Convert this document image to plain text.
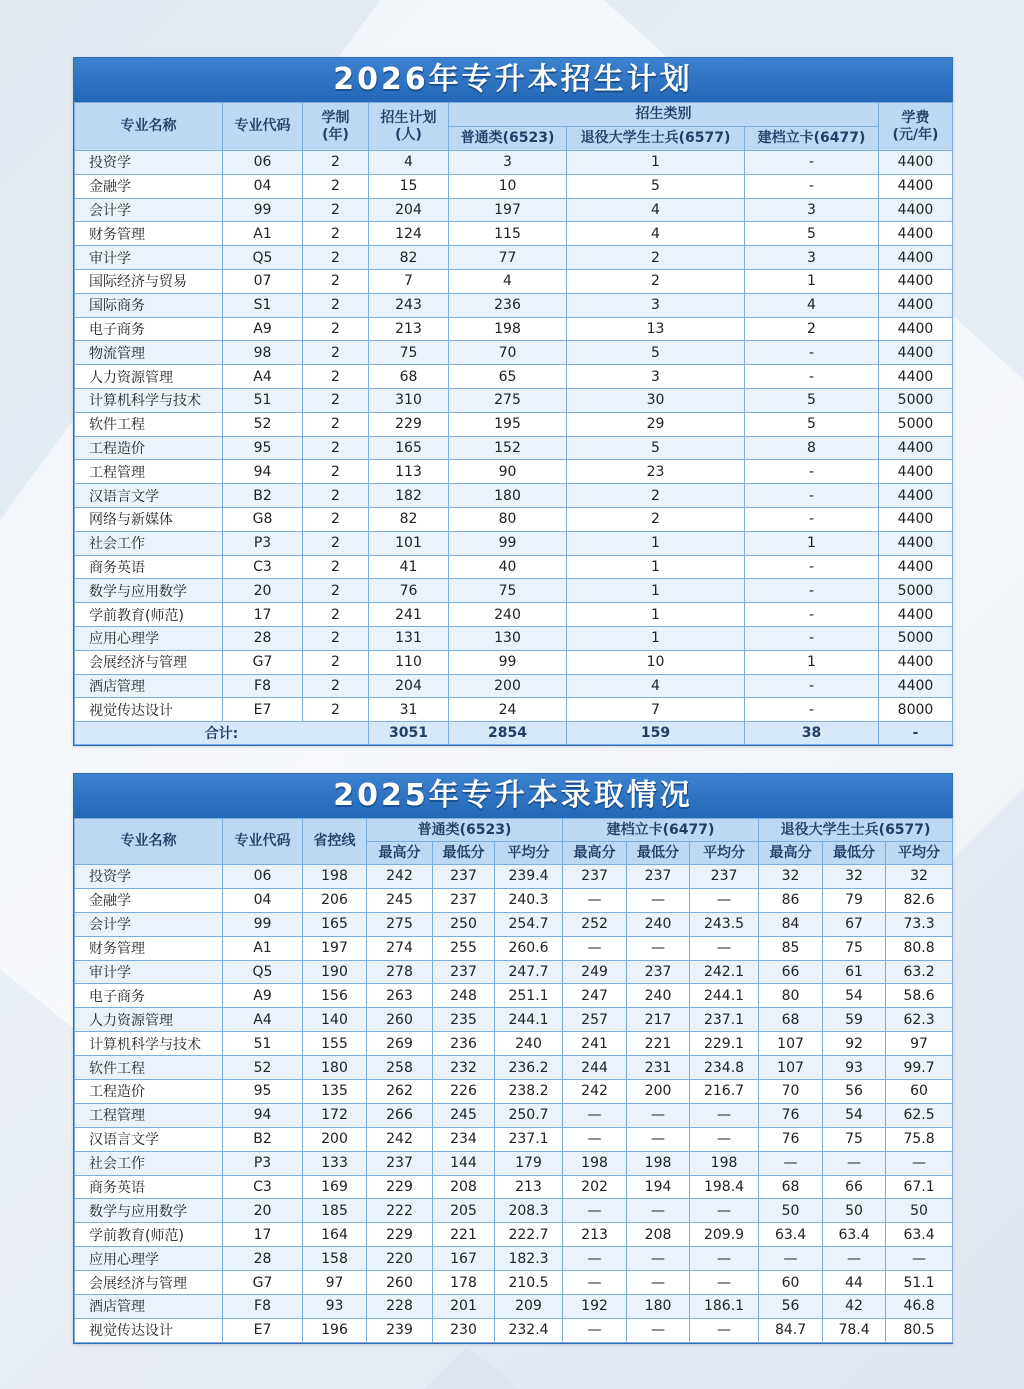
2026年专升本招生计划
专业名称	专业代码	学制
(年)	招生计划
(人)	招生类别			学费
(元/年)
				普通类(6523)	退役大学生士兵(6577)	建档立卡(6477)	
投资学	06	2	4	3	1	-	4400
金融学	04	2	15	10	5	-	4400
会计学	99	2	204	197	4	3	4400
财务管理	A1	2	124	115	4	5	4400
审计学	Q5	2	82	77	2	3	4400
国际经济与贸易	07	2	7	4	2	1	4400
国际商务	S1	2	243	236	3	4	4400
电子商务	A9	2	213	198	13	2	4400
物流管理	98	2	75	70	5	-	4400
人力资源管理	A4	2	68	65	3	-	4400
计算机科学与技术	51	2	310	275	30	5	5000
软件工程	52	2	229	195	29	5	5000
工程造价	95	2	165	152	5	8	4400
工程管理	94	2	113	90	23	-	4400
汉语言文学	B2	2	182	180	2	-	4400
网络与新媒体	G8	2	82	80	2	-	4400
社会工作	P3	2	101	99	1	1	4400
商务英语	C3	2	41	40	1	-	4400
数学与应用数学	20	2	76	75	1	-	5000
学前教育(师范)	17	2	241	240	1	-	4400
应用心理学	28	2	131	130	1	-	5000
会展经济与管理	G7	2	110	99	10	1	4400
酒店管理	F8	2	204	200	4	-	4400
视觉传达设计	E7	2	31	24	7	-	8000
合计:			3051	2854	159	38	-
2025年专升本录取情况
专业名称	专业代码	省控线	普通类(6523)			建档立卡(6477)			退役大学生士兵(6577)		
			最高分	最低分	平均分	最高分	最低分	平均分	最高分	最低分	平均分
投资学	06	198	242	237	239.4	237	237	237	32	32	32
金融学	04	206	245	237	240.3	—	—	—	86	79	82.6
会计学	99	165	275	250	254.7	252	240	243.5	84	67	73.3
财务管理	A1	197	274	255	260.6	—	—	—	85	75	80.8
审计学	Q5	190	278	237	247.7	249	237	242.1	66	61	63.2
电子商务	A9	156	263	248	251.1	247	240	244.1	80	54	58.6
人力资源管理	A4	140	260	235	244.1	257	217	237.1	68	59	62.3
计算机科学与技术	51	155	269	236	240	241	221	229.1	107	92	97
软件工程	52	180	258	232	236.2	244	231	234.8	107	93	99.7
工程造价	95	135	262	226	238.2	242	200	216.7	70	56	60
工程管理	94	172	266	245	250.7	—	—	—	76	54	62.5
汉语言文学	B2	200	242	234	237.1	—	—	—	76	75	75.8
社会工作	P3	133	237	144	179	198	198	198	—	—	—
商务英语	C3	169	229	208	213	202	194	198.4	68	66	67.1
数学与应用数学	20	185	222	205	208.3	—	—	—	50	50	50
学前教育(师范)	17	164	229	221	222.7	213	208	209.9	63.4	63.4	63.4
应用心理学	28	158	220	167	182.3	—	—	—	—	—	—
会展经济与管理	G7	97	260	178	210.5	—	—	—	60	44	51.1
酒店管理	F8	93	228	201	209	192	180	186.1	56	42	46.8
视觉传达设计	E7	196	239	230	232.4	—	—	—	84.7	78.4	80.5
